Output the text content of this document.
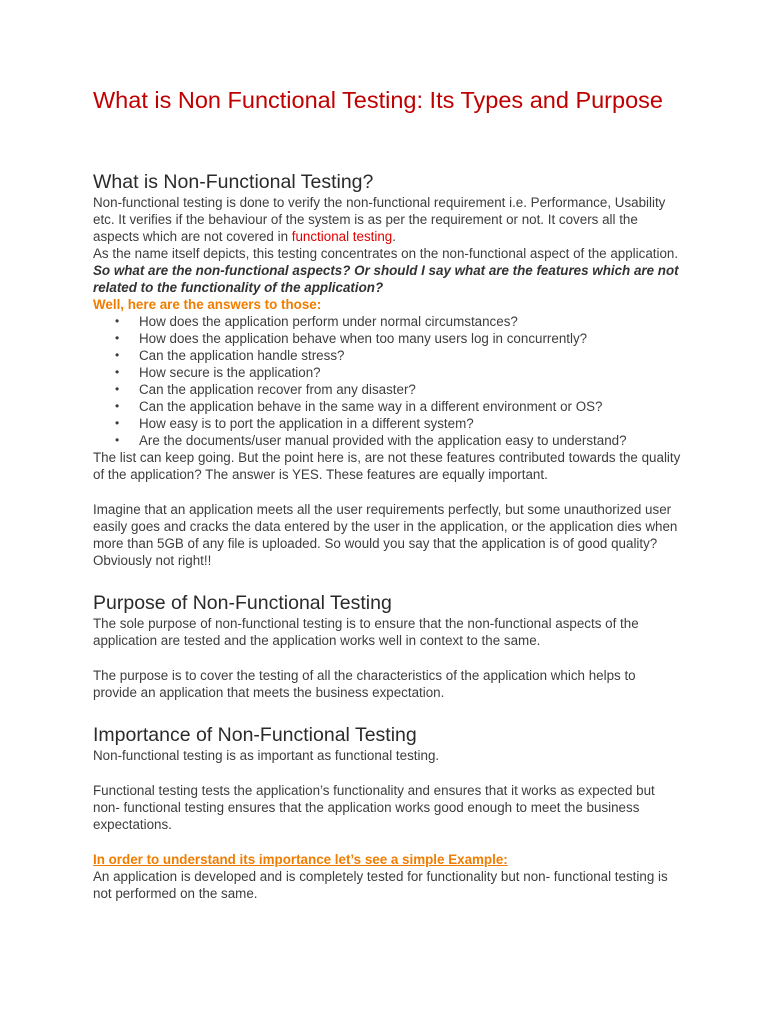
What is Non Functional Testing: Its Types and Purpose
What is Non-Functional Testing?

Non-functional testing is done to verify the non-functional requirement i.e. Performance, Usability etc. It verifies if the behaviour of the system is as per the requirement or not. It covers all the aspects which are not covered in functional testing.

As the name itself depicts, this testing concentrates on the non-functional aspect of the application. So what are the non-functional aspects? Or should I say what are the features which are not related to the functionality of the application?

Well, here are the answers to those:

• How does the application perform under normal circumstances?
• How does the application behave when too many users log in concurrently?
• Can the application handle stress?
• How secure is the application?
• Can the application recover from any disaster?
• Can the application behave in the same way in a different environment or OS?
• How easy is to port the application in a different system?
• Are the documents/user manual provided with the application easy to understand?

The list can keep going. But the point here is, are not these features contributed towards the quality of the application? The answer is YES. These features are equally important.

Imagine that an application meets all the user requirements perfectly, but some unauthorized user easily goes and cracks the data entered by the user in the application, or the application dies when more than 5GB of any file is uploaded. So would you say that the application is of good quality? Obviously not right!!

Purpose of Non-Functional Testing

The sole purpose of non-functional testing is to ensure that the non-functional aspects of the application are tested and the application works well in context to the same.

The purpose is to cover the testing of all the characteristics of the application which helps to provide an application that meets the business expectation.

Importance of Non-Functional Testing

Non-functional testing is as important as functional testing.

Functional testing tests the application’s functionality and ensures that it works as expected but non- functional testing ensures that the application works good enough to meet the business expectations.

In order to understand its importance let’s see a simple Example:

An application is developed and is completely tested for functionality but non- functional testing is not performed on the same.
